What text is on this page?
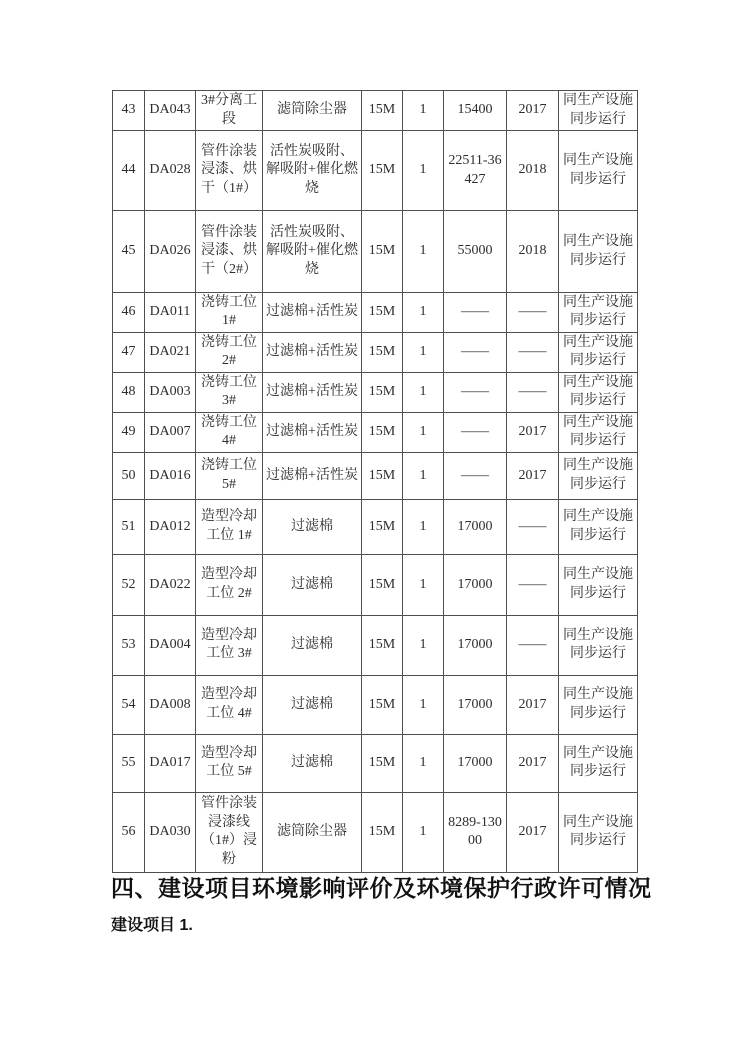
43	DA043	3#分离工段	滤筒除尘器	15M	1	15400	2017	同生产设施同步运行
44	DA028	管件涂装浸漆、烘干（1#）	活性炭吸附、解吸附+催化燃烧	15M	1	22511-36427	2018	同生产设施同步运行
45	DA026	管件涂装浸漆、烘干（2#）	活性炭吸附、解吸附+催化燃烧	15M	1	55000	2018	同生产设施同步运行
46	DA011	浇铸工位 1#	过滤棉+活性炭	15M	1	——	——	同生产设施同步运行
47	DA021	浇铸工位 2#	过滤棉+活性炭	15M	1	——	——	同生产设施同步运行
48	DA003	浇铸工位 3#	过滤棉+活性炭	15M	1	——	——	同生产设施同步运行
49	DA007	浇铸工位 4#	过滤棉+活性炭	15M	1	——	2017	同生产设施同步运行
50	DA016	浇铸工位 5#	过滤棉+活性炭	15M	1	——	2017	同生产设施同步运行
51	DA012	造型冷却工位 1#	过滤棉	15M	1	17000	——	同生产设施同步运行
52	DA022	造型冷却工位 2#	过滤棉	15M	1	17000	——	同生产设施同步运行
53	DA004	造型冷却工位 3#	过滤棉	15M	1	17000	——	同生产设施同步运行
54	DA008	造型冷却工位 4#	过滤棉	15M	1	17000	2017	同生产设施同步运行
55	DA017	造型冷却工位 5#	过滤棉	15M	1	17000	2017	同生产设施同步运行
56	DA030	管件涂装浸漆线（1#）浸粉	滤筒除尘器	15M	1	8289-13000	2017	同生产设施同步运行
四、建设项目环境影响评价及环境保护行政许可情况
建设项目 1.
